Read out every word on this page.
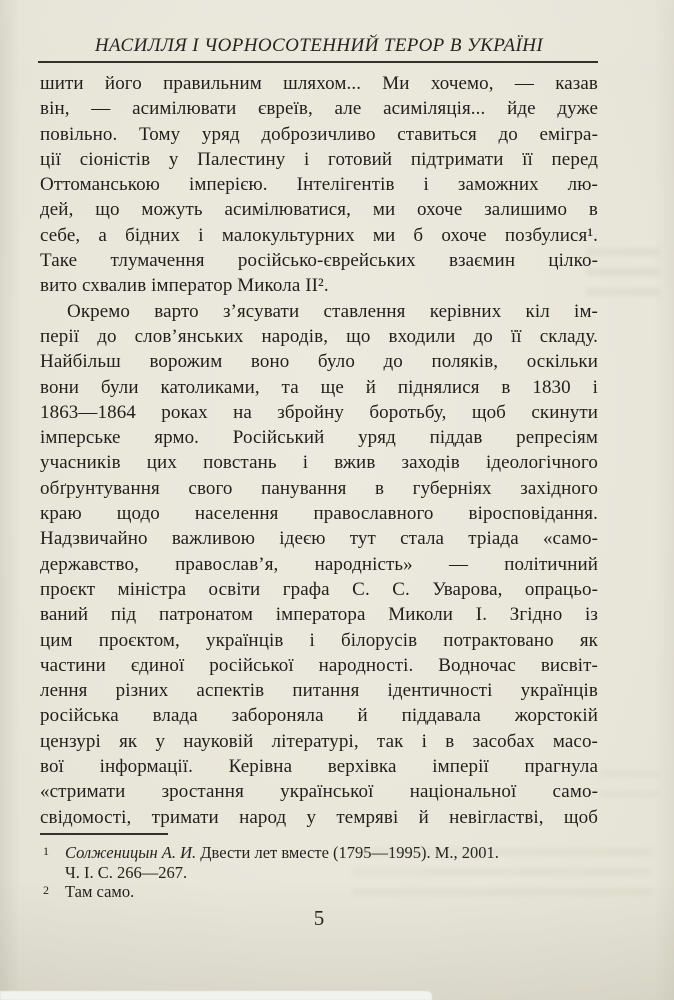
НАСИЛЛЯ І ЧОРНОСОТЕННИЙ ТЕРОР В УКРАЇНІ
шити його правильним шляхом... Ми хочемо, — казав
він, — асимілювати євреїв, але асиміляція... йде дуже
повільно. Тому уряд доброзичливо ставиться до емігра-
ції сіоністів у Палестину і готовий підтримати її перед
Оттоманською імперією. Інтелігентів і заможних лю-
дей, що можуть асимілюватися, ми охоче залишимо в
себе, а бідних і малокультурних ми б охоче позбулися¹.
Таке тлумачення російсько-єврейських взаємин цілко-
вито схвалив імператор Микола II².
Окремо варто з’ясувати ставлення керівних кіл ім-
перії до слов’янських народів, що входили до її складу.
Найбільш ворожим воно було до поляків, оскільки
вони були католиками, та ще й піднялися в 1830 і
1863—1864 роках на збройну боротьбу, щоб скинути
імперське ярмо. Російський уряд піддав репресіям
учасників цих повстань і вжив заходів ідеологічного
обґрунтування свого панування в губерніях західного
краю щодо населення православного віросповідання.
Надзвичайно важливою ідеєю тут стала тріада «само-
державство, православ’я, народність» — політичний
проєкт міністра освіти графа С. С. Уварова, опрацьо-
ваний під патронатом імператора Миколи І. Згідно із
цим проєктом, українців і білорусів потрактовано як
частини єдиної російської народності. Водночас висвіт-
лення різних аспектів питання ідентичності українців
російська влада забороняла й піддавала жорстокій
цензурі як у науковій літературі, так і в засобах масо-
вої інформації. Керівна верхівка імперії прагнула
«стримати зростання української національної само-
свідомості, тримати народ у темряві й невігластві, щоб
1 Солженицын А. И. Двести лет вместе (1795—1995). М., 2001.
Ч. І. С. 266—267.
2 Там само.
5
